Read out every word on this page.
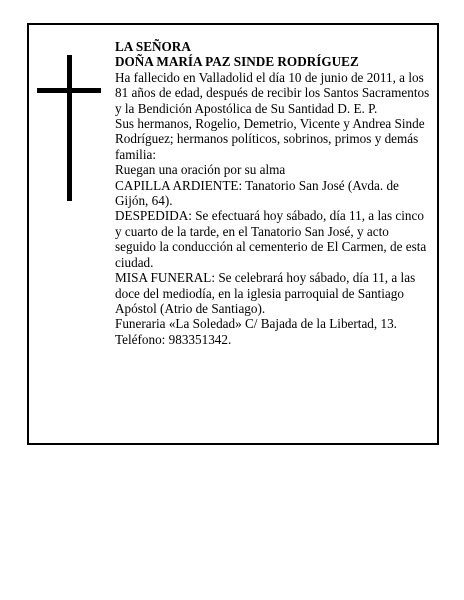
LA SEÑORA

DOÑA MARÍA PAZ SINDE RODRÍGUEZ

Ha fallecido en Valladolid el día 10 de junio de 2011, a los 81 años de edad, después de recibir los Santos Sacramentos y la Bendición Apostólica de Su Santidad D. E. P.

Sus hermanos, Rogelio, Demetrio, Vicente y Andrea Sinde Rodríguez; hermanos políticos, sobrinos, primos y demás familia:

Ruegan una oración por su alma

CAPILLA ARDIENTE: Tanatorio San José (Avda. de Gijón, 64).

DESPEDIDA: Se efectuará hoy sábado, día 11, a las cinco y cuarto de la tarde, en el Tanatorio San José, y acto seguido la conducción al cementerio de El Carmen, de esta ciudad.

MISA FUNERAL: Se celebrará hoy sábado, día 11, a las doce del mediodía, en la iglesia parroquial de Santiago Apóstol (Atrio de Santiago).

Funeraria «La Soledad» C/ Bajada de la Libertad, 13. Teléfono: 983351342.
